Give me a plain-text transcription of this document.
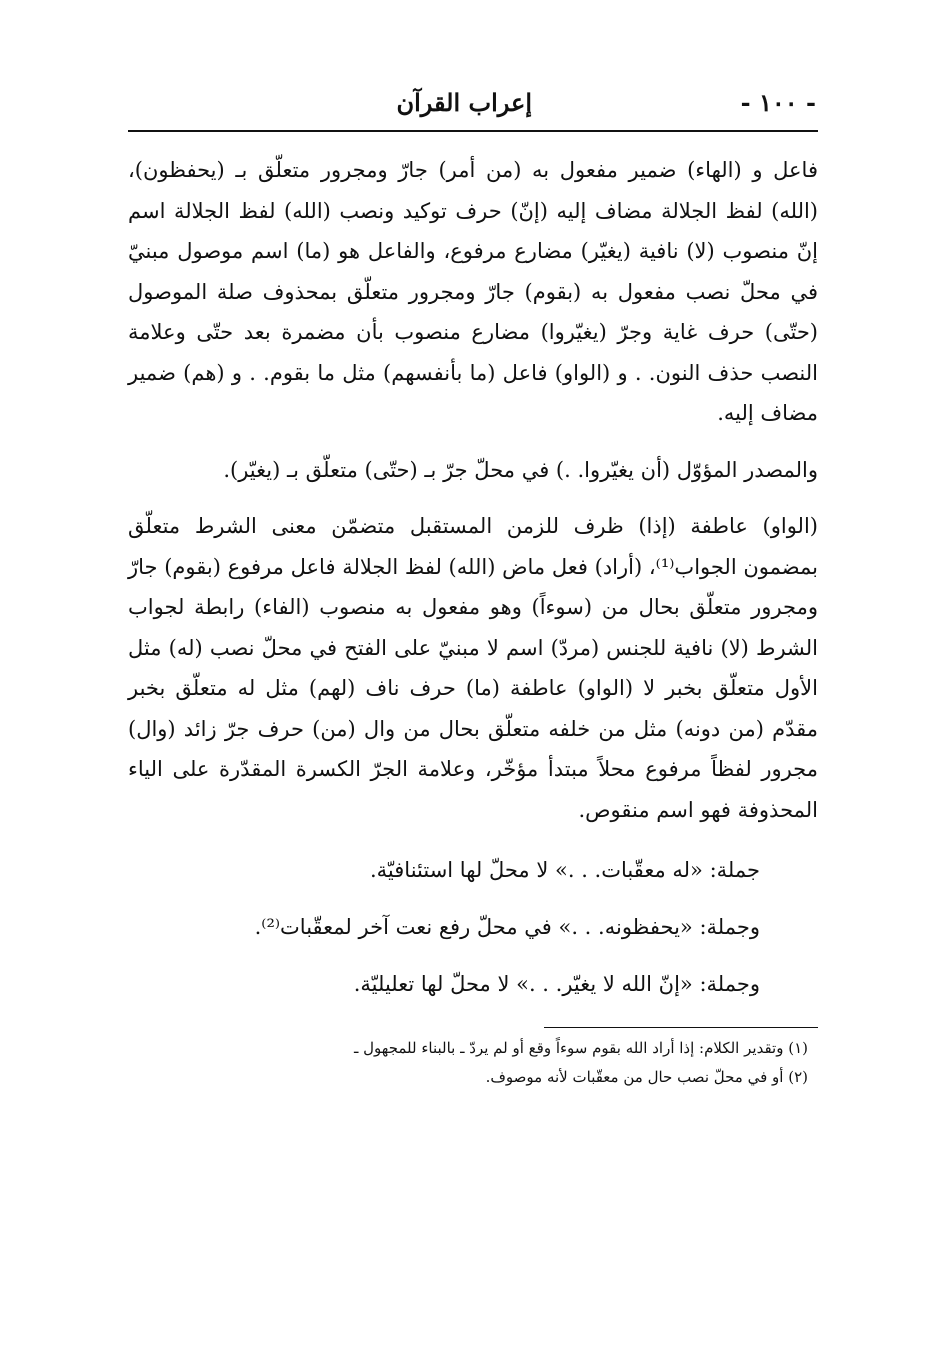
- ١٠٠ -
إعراب القرآن

فاعل و (الهاء) ضمير مفعول به (من أمر) جارّ ومجرور متعلّق بـ (يحفظون)، (الله) لفظ الجلالة مضاف إليه (إنّ) حرف توكيد ونصب (الله) لفظ الجلالة اسم إنّ منصوب (لا) نافية (يغيّر) مضارع مرفوع، والفاعل هو (ما) اسم موصول مبنيّ في محلّ نصب مفعول به (بقوم) جارّ ومجرور متعلّق بمحذوف صلة الموصول (حتّى) حرف غاية وجرّ (يغيّروا) مضارع منصوب بأن مضمرة بعد حتّى وعلامة النصب حذف النون. . و (الواو) فاعل (ما بأنفسهم) مثل ما بقوم. . و (هم) ضمير مضاف إليه.

والمصدر المؤوّل (أن يغيّروا. .) في محلّ جرّ بـ (حتّى) متعلّق بـ (يغيّر).

(الواو) عاطفة (إذا) ظرف للزمن المستقبل متضمّن معنى الشرط متعلّق بمضمون الجواب⁽¹⁾، (أراد) فعل ماض (الله) لفظ الجلالة فاعل مرفوع (بقوم) جارّ ومجرور متعلّق بحال من (سوءاً) وهو مفعول به منصوب (الفاء) رابطة لجواب الشرط (لا) نافية للجنس (مردّ) اسم لا مبنيّ على الفتح في محلّ نصب (له) مثل الأول متعلّق بخبر لا (الواو) عاطفة (ما) حرف ناف (لهم) مثل له متعلّق بخبر مقدّم (من دونه) مثل من خلفه متعلّق بحال من وال (من) حرف جرّ زائد (وال) مجرور لفظاً مرفوع محلاً مبتدأ مؤخّر، وعلامة الجرّ الكسرة المقدّرة على الياء المحذوفة فهو اسم منقوص.

جملة: «له معقّبات. . .» لا محلّ لها استئنافيّة.
وجملة: «يحفظونه. . .» في محلّ رفع نعت آخر لمعقّبات⁽²⁾.
وجملة: «إنّ الله لا يغيّر. . .» لا محلّ لها تعليليّة.
(١) وتقدير الكلام: إذا أراد الله بقوم سوءاً وقع أو لم يردّ ـ بالبناء للمجهول ـ
(٢) أو في محلّ نصب حال من معقّبات لأنه موصوف.
